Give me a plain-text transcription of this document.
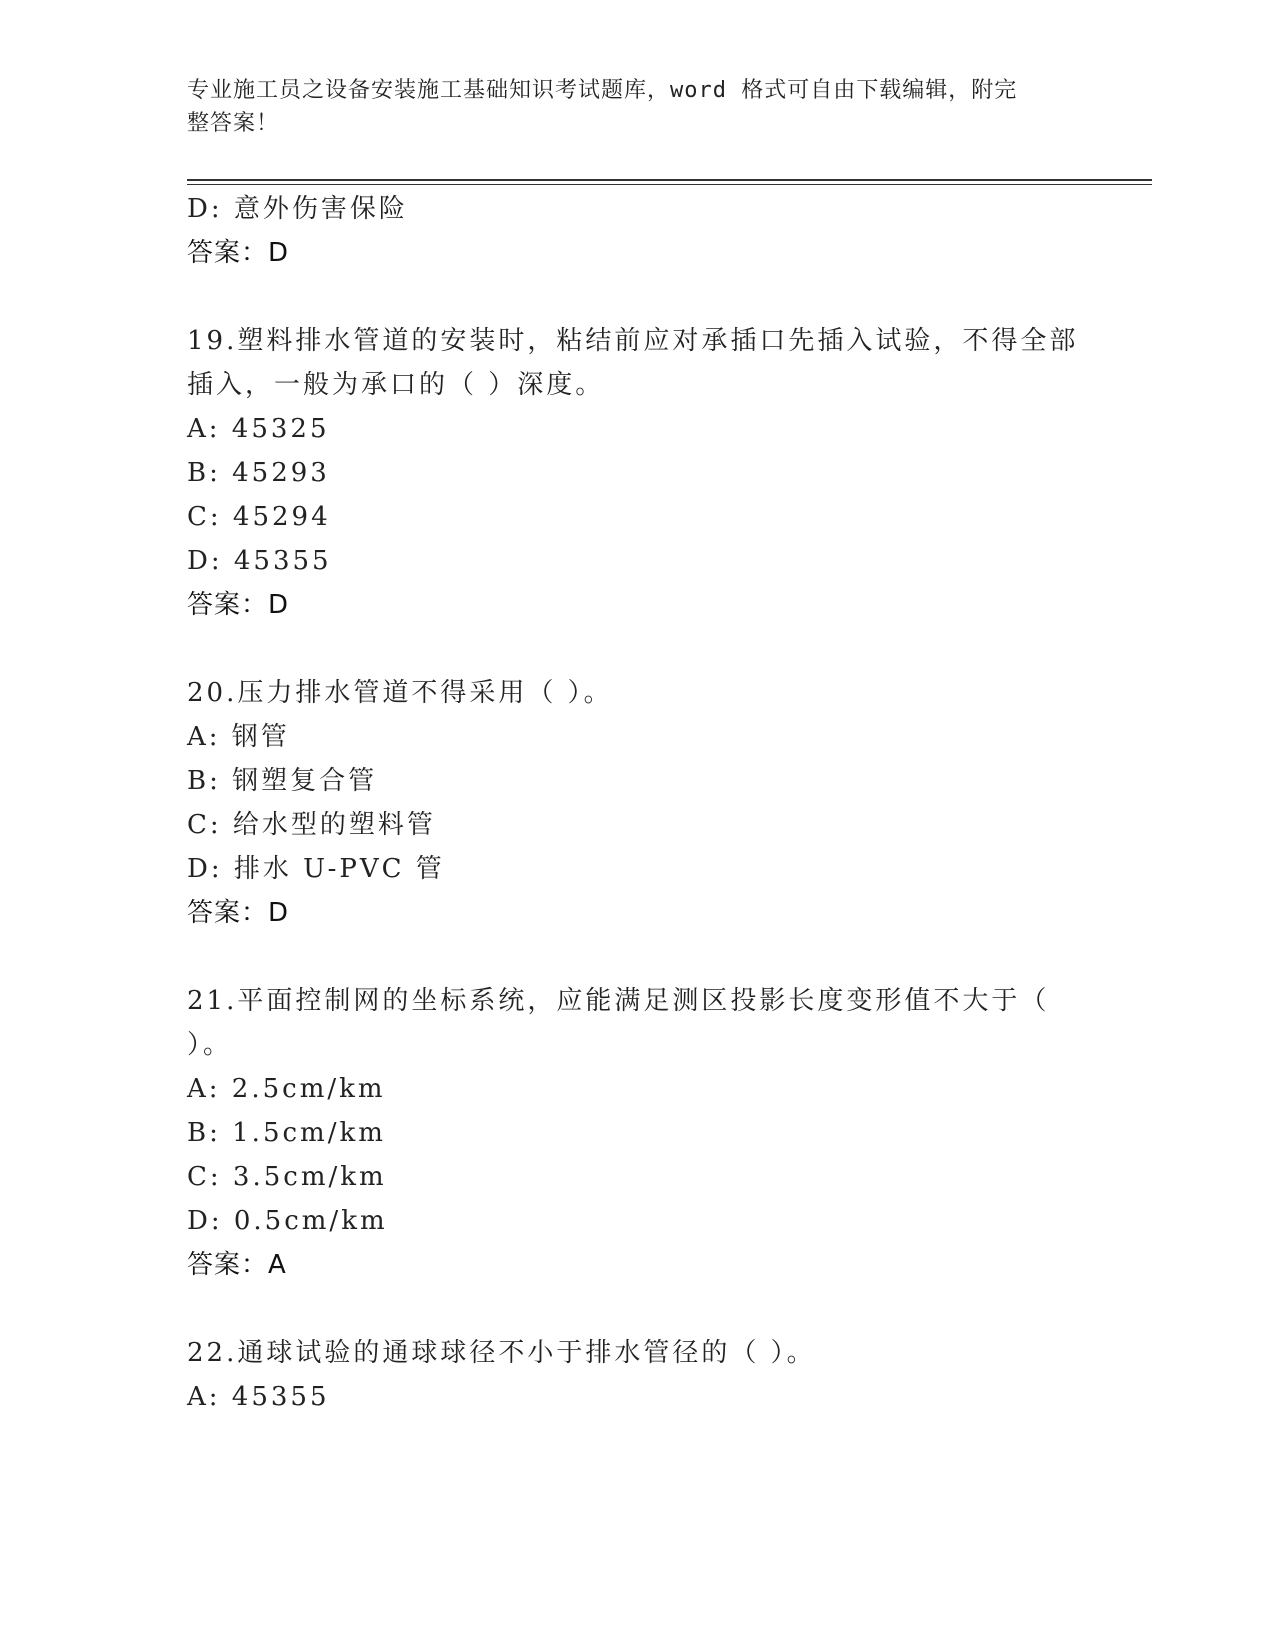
专业施工员之设备安装施工基础知识考试题库，word 格式可自由下载编辑，附完
整答案！
D: 意外伤害保险
答案：D
19.塑料排水管道的安装时，粘结前应对承插口先插入试验，不得全部
插入，一般为承口的（ ）深度。
A: 45325
B: 45293
C: 45294
D: 45355
答案：D
20.压力排水管道不得采用（ ）。
A: 钢管
B: 钢塑复合管
C: 给水型的塑料管
D: 排水 U-PVC 管
答案：D
21.平面控制网的坐标系统，应能满足测区投影长度变形值不大于（
）。
A: 2.5cm/km
B: 1.5cm/km
C: 3.5cm/km
D: 0.5cm/km
答案：A
22.通球试验的通球球径不小于排水管径的（ ）。
A: 45355
